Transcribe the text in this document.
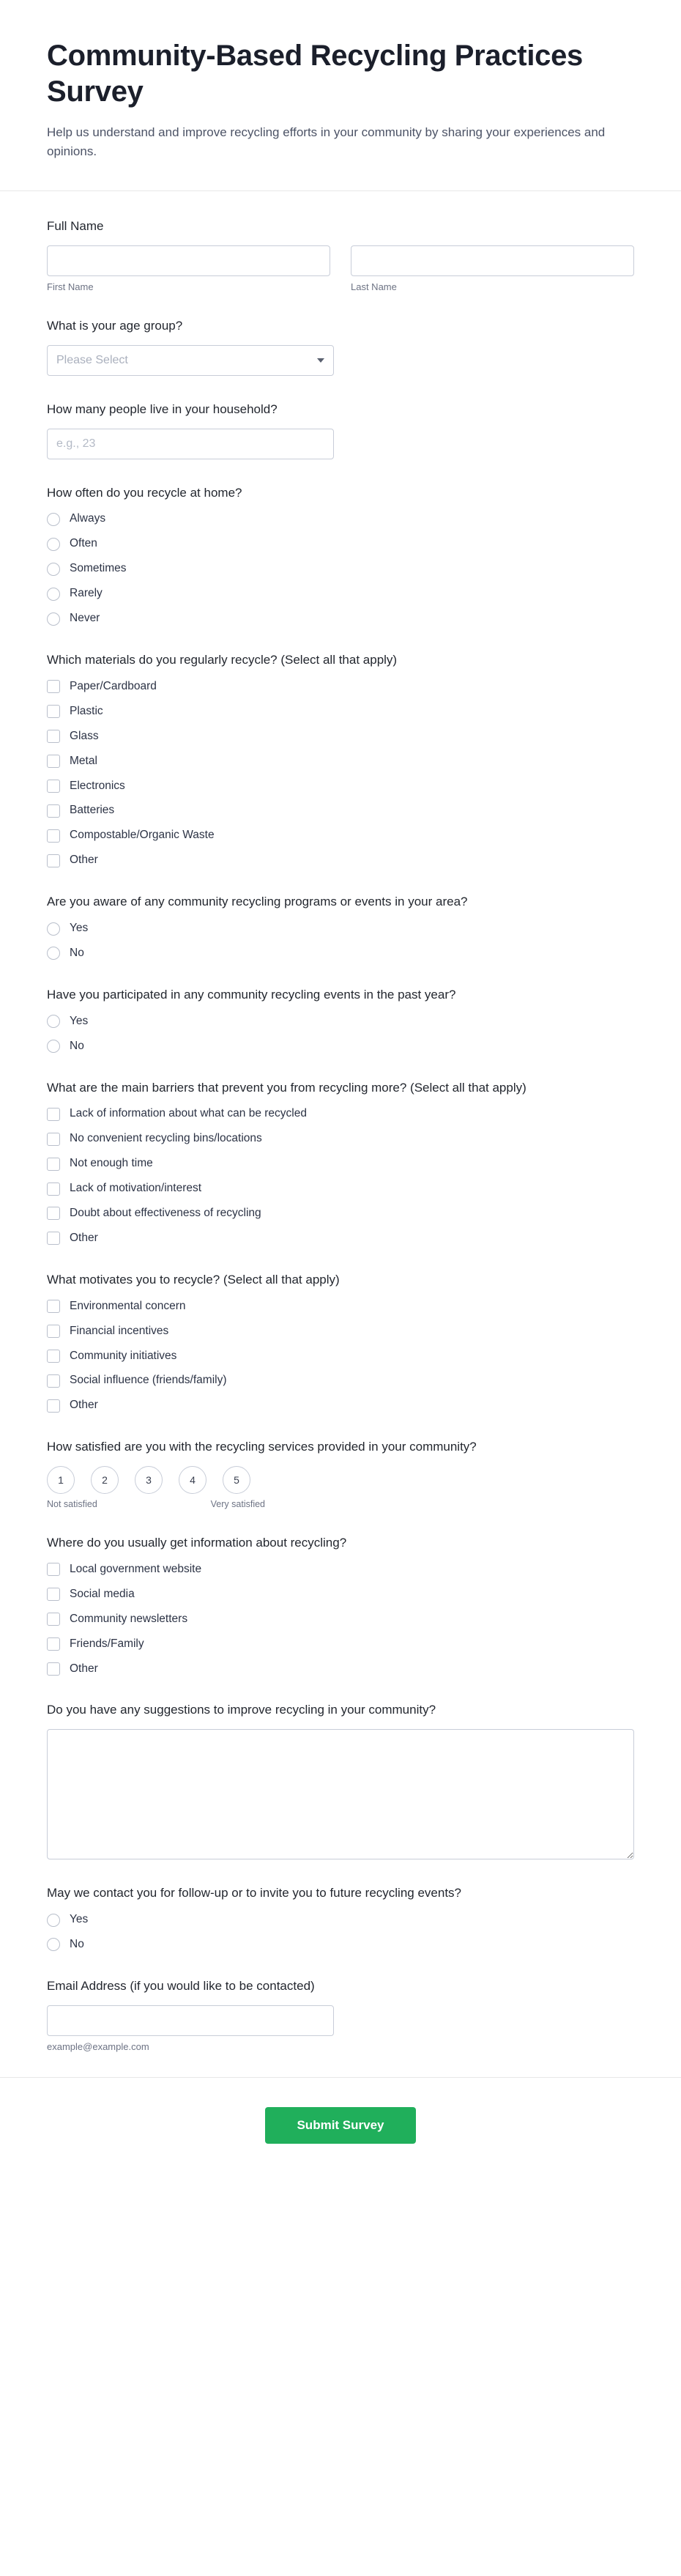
Community-Based Recycling Practices Survey

Help us understand and improve recycling efforts in your community by sharing your experiences and opinions.

Full Name
First Name	Last Name
What is your age group?
Please Select
How many people live in your household?
e.g., 23
How often do you recycle at home?
Always
Often
Sometimes
Rarely
Never
Which materials do you regularly recycle? (Select all that apply)
Paper/Cardboard
Plastic
Glass
Metal
Electronics
Batteries
Compostable/Organic Waste
Other
Are you aware of any community recycling programs or events in your area?
Yes
No
Have you participated in any community recycling events in the past year?
Yes
No
What are the main barriers that prevent you from recycling more? (Select all that apply)
Lack of information about what can be recycled
No convenient recycling bins/locations
Not enough time
Lack of motivation/interest
Doubt about effectiveness of recycling
Other
What motivates you to recycle? (Select all that apply)
Environmental concern
Financial incentives
Community initiatives
Social influence (friends/family)
Other
How satisfied are you with the recycling services provided in your community?
1	2	3	4	5
Not satisfied	Very satisfied
Where do you usually get information about recycling?
Local government website
Social media
Community newsletters
Friends/Family
Other
Do you have any suggestions to improve recycling in your community?
May we contact you for follow-up or to invite you to future recycling events?
Yes
No
Email Address (if you would like to be contacted)
example@example.com
Submit Survey
